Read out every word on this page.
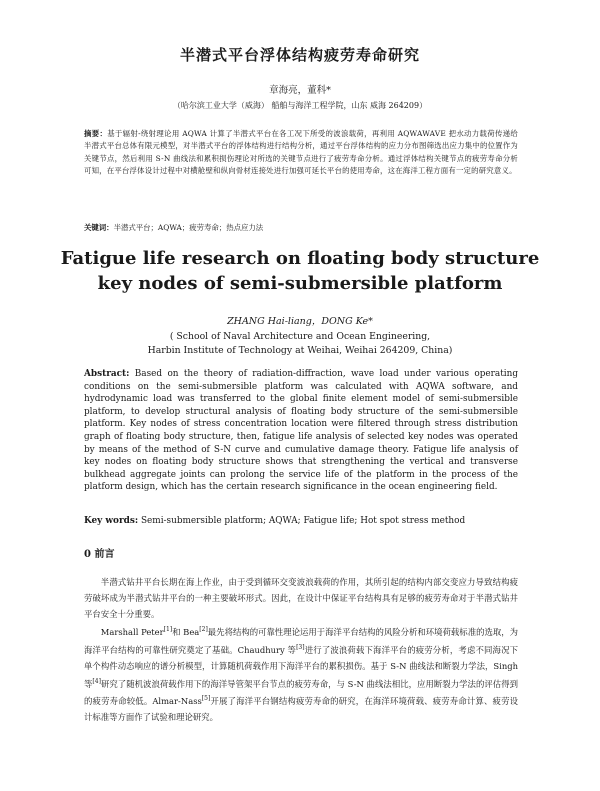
半潜式平台浮体结构疲劳寿命研究
章海亮，董科*
（哈尔滨工业大学（威海） 船舶与海洋工程学院，山东 威海 264209）
摘要：基于辐射-绕射理论用 AQWA 计算了半潜式平台在各工况下所受的波浪载荷，再利用 AQWAWAVE 把水动力载荷传递给半潜式平台总体有限元模型，对半潜式平台的浮体结构进行结构分析，通过平台浮体结构的应力分布图筛选出应力集中的位置作为关键节点，然后利用 S-N 曲线法和累积损伤理论对所选的关键节点进行了疲劳寿命分析。通过浮体结构关键节点的疲劳寿命分析可知，在平台浮体设计过程中对横舱壁和纵向骨材连接处进行加强可延长平台的使用寿命，这在海洋工程方面有一定的研究意义。
关键词：半潜式平台；AQWA；疲劳寿命；热点应力法
Fatigue life research on floating body structure
key nodes of semi-submersible platform
ZHANG Hai-liang，DONG Ke*
( School of Naval Architecture and Ocean Engineering,
Harbin Institute of Technology at Weihai, Weihai 264209, China)
Abstract: Based on the theory of radiation-diffraction, wave load under various operating conditions on the semi-submersible platform was calculated with AQWA software, and hydrodynamic load was transferred to the global finite element model of semi-submersible platform, to develop structural analysis of floating body structure of the semi-submersible platform. Key nodes of stress concentration location were filtered through stress distribution graph of floating body structure, then, fatigue life analysis of selected key nodes was operated by means of the method of S-N curve and cumulative damage theory. Fatigue life analysis of key nodes on floating body structure shows that strengthening the vertical and transverse bulkhead aggregate joints can prolong the service life of the platform in the process of the platform design, which has the certain research significance in the ocean engineering field.
Key words: Semi-submersible platform; AQWA; Fatigue life; Hot spot stress method
0 前言

半潜式钻井平台长期在海上作业，由于受到循环交变波浪载荷的作用，其所引起的结构内部交变应力导致结构疲劳破坏成为半潜式钻井平台的一种主要破坏形式。因此，在设计中保证平台结构具有足够的疲劳寿命对于半潜式钻井平台安全十分重要。

Marshall Peter[1]和 Bea[2]最先将结构的可靠性理论运用于海洋平台结构的风险分析和环境荷载标准的选取，为海洋平台结构的可靠性研究奠定了基础。Chaudhury 等[3]进行了波浪荷载下海洋平台的疲劳分析，考虑不同海况下单个构件动态响应的谱分析模型，计算随机荷载作用下海洋平台的累积损伤。基于 S-N 曲线法和断裂力学法，Singh 等[4]研究了随机波浪荷载作用下的海洋导管架平台节点的疲劳寿命，与 S-N 曲线法相比，应用断裂力学法的评估得到的疲劳寿命较低。Almar-Nass[5]开展了海洋平台钢结构疲劳寿命的研究，在海洋环境荷载、疲劳寿命计算、疲劳设计标准等方面作了试验和理论研究。
